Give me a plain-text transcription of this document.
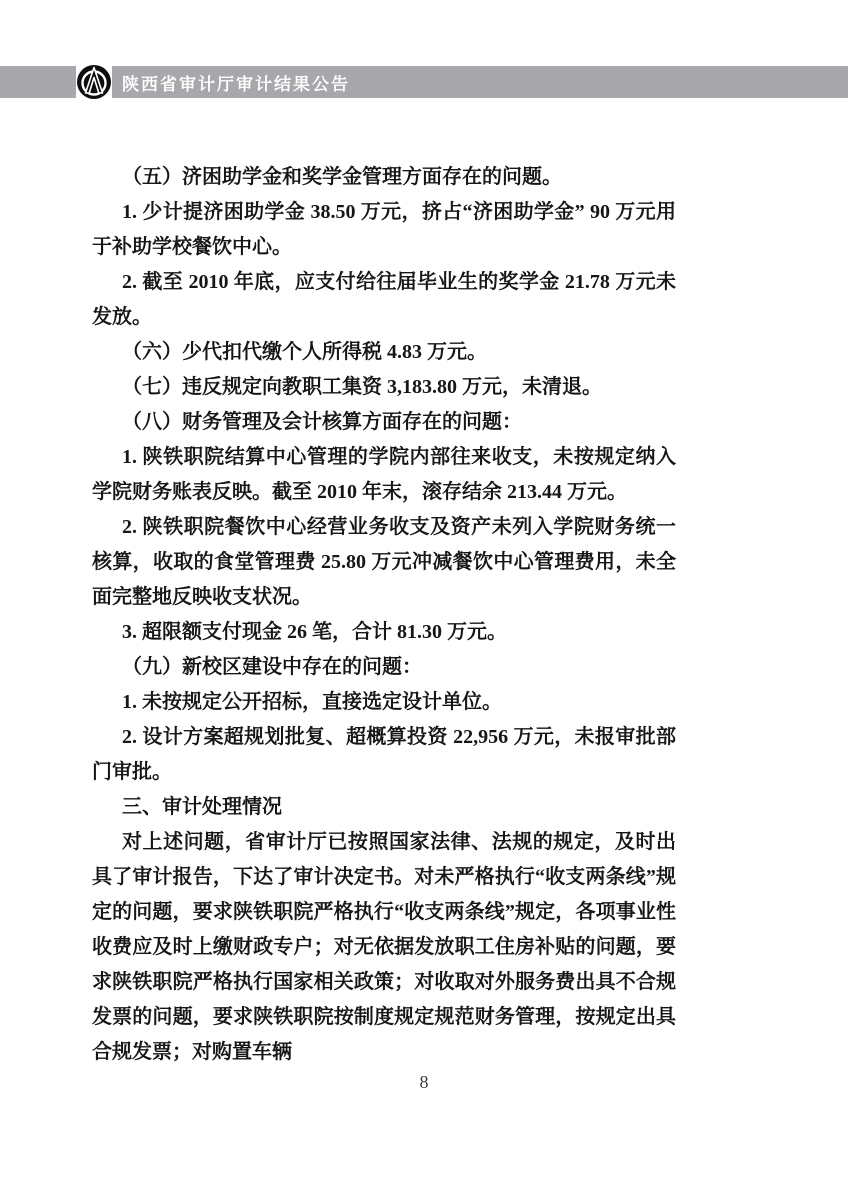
陕西省审计厅审计结果公告

（五）济困助学金和奖学金管理方面存在的问题。

1. 少计提济困助学金 38.50 万元，挤占“济困助学金” 90 万元用于补助学校餐饮中心。

2. 截至 2010 年底，应支付给往届毕业生的奖学金 21.78 万元未发放。

（六）少代扣代缴个人所得税 4.83 万元。

（七）违反规定向教职工集资 3,183.80 万元，未清退。

（八）财务管理及会计核算方面存在的问题：

1. 陕铁职院结算中心管理的学院内部往来收支，未按规定纳入学院财务账表反映。截至 2010 年末，滚存结余 213.44 万元。

2. 陕铁职院餐饮中心经营业务收支及资产未列入学院财务统一核算，收取的食堂管理费 25.80 万元冲减餐饮中心管理费用，未全面完整地反映收支状况。

3. 超限额支付现金 26 笔，合计 81.30 万元。

（九）新校区建设中存在的问题：

1. 未按规定公开招标，直接选定设计单位。

2. 设计方案超规划批复、超概算投资 22,956 万元，未报审批部门审批。

三、审计处理情况

对上述问题，省审计厅已按照国家法律、法规的规定，及时出具了审计报告，下达了审计决定书。对未严格执行“收支两条线”规定的问题，要求陕铁职院严格执行“收支两条线”规定，各项事业性收费应及时上缴财政专户；对无依据发放职工住房补贴的问题，要求陕铁职院严格执行国家相关政策；对收取对外服务费出具不合规发票的问题，要求陕铁职院按制度规定规范财务管理，按规定出具合规发票；对购置车辆

8
